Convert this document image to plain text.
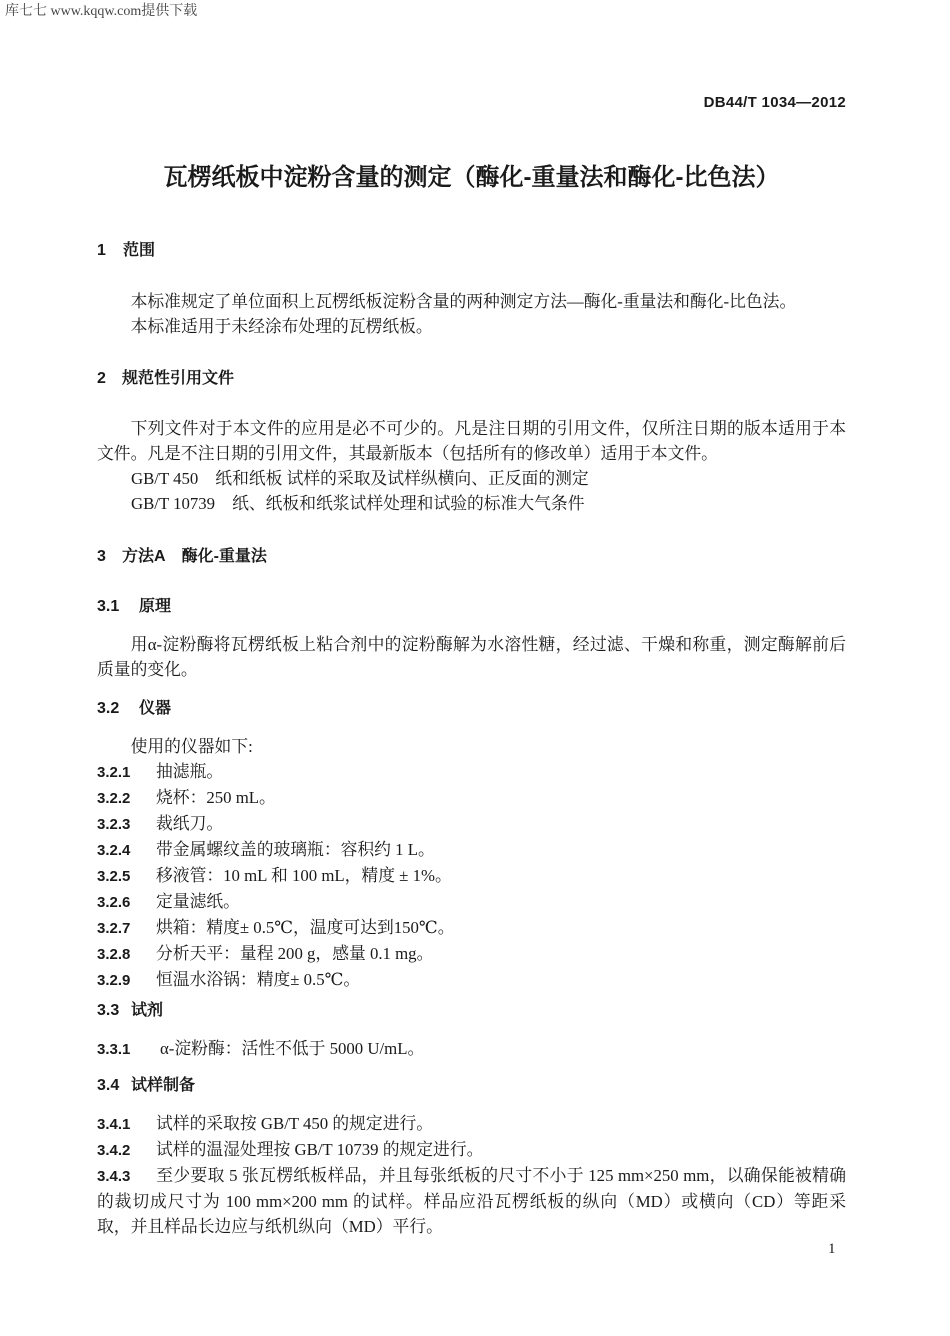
库七七 www.kqqw.com提供下载
DB44/T 1034—2012
瓦楞纸板中淀粉含量的测定（酶化-重量法和酶化-比色法）
1 范围
本标准规定了单位面积上瓦楞纸板淀粉含量的两种测定方法—酶化-重量法和酶化-比色法。
本标准适用于未经涂布处理的瓦楞纸板。
2 规范性引用文件
下列文件对于本文件的应用是必不可少的。凡是注日期的引用文件，仅所注日期的版本适用于本文件。凡是不注日期的引用文件，其最新版本（包括所有的修改单）适用于本文件。
GB/T 450 纸和纸板 试样的采取及试样纵横向、正反面的测定
GB/T 10739 纸、纸板和纸浆试样处理和试验的标准大气条件
3 方法A 酶化-重量法
3.1 原理
用α-淀粉酶将瓦楞纸板上粘合剂中的淀粉酶解为水溶性糖，经过滤、干燥和称重，测定酶解前后质量的变化。
3.2 仪器
使用的仪器如下:
3.2.1 抽滤瓶。
3.2.2 烧杯：250 mL。
3.2.3 裁纸刀。
3.2.4 带金属螺纹盖的玻璃瓶：容积约 1 L。
3.2.5 移液管：10 mL 和 100 mL，精度 ± 1%。
3.2.6 定量滤纸。
3.2.7 烘箱：精度± 0.5℃，温度可达到150℃。
3.2.8 分析天平：量程 200 g，感量 0.1 mg。
3.2.9 恒温水浴锅：精度± 0.5℃。
3.3 试剂
3.3.1 α-淀粉酶：活性不低于 5000 U/mL。
3.4 试样制备
3.4.1 试样的采取按 GB/T 450 的规定进行。
3.4.2 试样的温湿处理按 GB/T 10739 的规定进行。
3.4.3 至少要取 5 张瓦楞纸板样品，并且每张纸板的尺寸不小于 125 mm×250 mm，以确保能被精确的裁切成尺寸为 100 mm×200 mm 的试样。样品应沿瓦楞纸板的纵向（MD）或横向（CD）等距采取，并且样品长边应与纸机纵向（MD）平行。
1
